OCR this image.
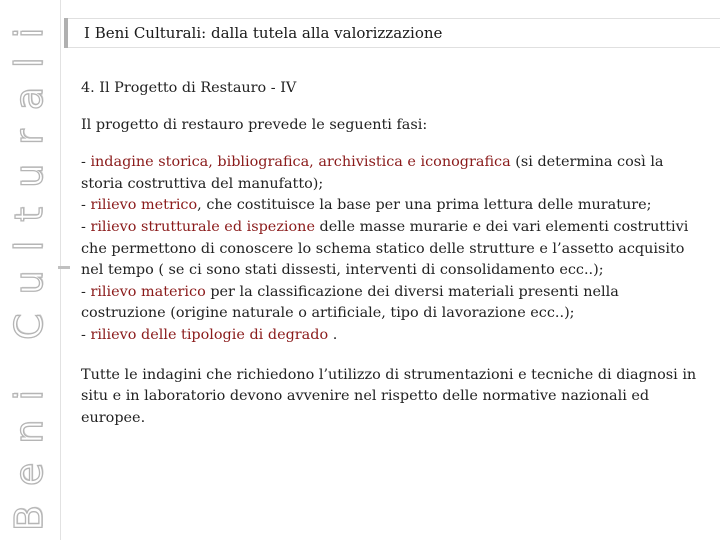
Beni Culturali I Beni Culturali: dalla tutela alla valorizzazione

4. Il Progetto di Restauro - IV

Il progetto di restauro prevede le seguenti fasi:

- indagine storica, bibliografica, archivistica e iconografica (si determina così la storia costruttiva del manufatto);

- rilievo metrico, che costituisce la base per una prima lettura delle murature;

- rilievo strutturale ed ispezione delle masse murarie e dei vari elementi costruttivi che permettono di conoscere lo schema statico delle strutture e l’assetto acquisito nel tempo ( se ci sono stati dissesti, interventi di consolidamento ecc..);

- rilievo materico per la classificazione dei diversi materiali presenti nella costruzione (origine naturale o artificiale, tipo di lavorazione ecc..);

- rilievo delle tipologie di degrado .

Tutte le indagini che richiedono l’utilizzo di strumentazioni e tecniche di diagnosi in situ e in laboratorio devono avvenire nel rispetto delle normative nazionali ed europee.
